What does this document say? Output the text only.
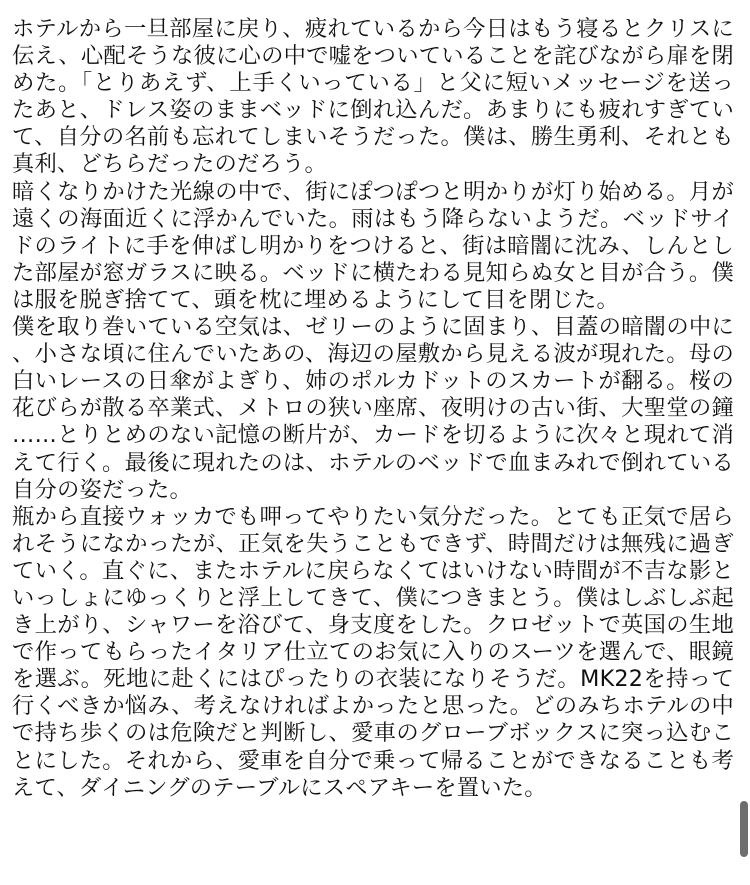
ホテルから一旦部屋に戻り、疲れているから今日はもう寝るとクリスに伝え、心配そうな彼に心の中で嘘をついていることを詫びながら扉を閉めた。「とりあえず、上手くいっている」と父に短いメッセージを送ったあと、ドレス姿のままベッドに倒れ込んだ。あまりにも疲れすぎていて、自分の名前も忘れてしまいそうだった。僕は、勝生勇利、それとも真利、どちらだったのだろう。

暗くなりかけた光線の中で、街にぽつぽつと明かりが灯り始める。月が遠くの海面近くに浮かんでいた。雨はもう降らないようだ。ベッドサイドのライトに手を伸ばし明かりをつけると、街は暗闇に沈み、しんとした部屋が窓ガラスに映る。ベッドに横たわる見知らぬ女と目が合う。僕は服を脱ぎ捨てて、頭を枕に埋めるようにして目を閉じた。

僕を取り巻いている空気は、ゼリーのように固まり、目蓋の暗闇の中に、小さな頃に住んでいたあの、海辺の屋敷から見える波が現れた。母の白いレースの日傘がよぎり、姉のポルカドットのスカートが翻る。桜の花びらが散る卒業式、メトロの狭い座席、夜明けの古い街、大聖堂の鐘……とりとめのない記憶の断片が、カードを切るように次々と現れて消えて行く。最後に現れたのは、ホテルのベッドで血まみれで倒れている自分の姿だった。

瓶から直接ウォッカでも呷ってやりたい気分だった。とても正気で居られそうになかったが、正気を失うこともできず、時間だけは無残に過ぎていく。直ぐに、またホテルに戻らなくてはいけない時間が不吉な影といっしょにゆっくりと浮上してきて、僕につきまとう。僕はしぶしぶ起き上がり、シャワーを浴びて、身支度をした。クロゼットで英国の生地で作ってもらったイタリア仕立てのお気に入りのスーツを選んで、眼鏡を選ぶ。死地に赴くにはぴったりの衣装になりそうだ。MK22を持って行くべきか悩み、考えなければよかったと思った。どのみちホテルの中で持ち歩くのは危険だと判断し、愛車のグローブボックスに突っ込むことにした。それから、愛車を自分で乗って帰ることができなることも考えて、ダイニングのテーブルにスペアキーを置いた。
